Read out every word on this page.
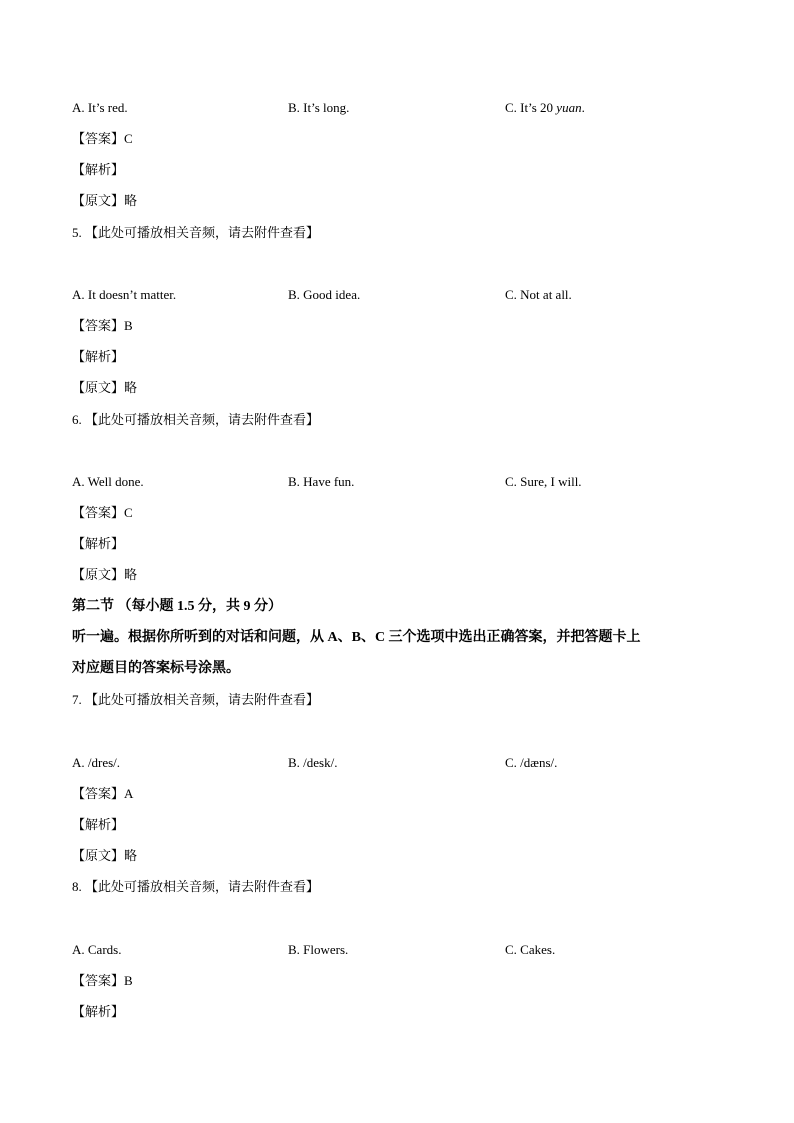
A. It’s red.	B. It’s long.	C. It’s 20 yuan.
【答案】C
【解析】
【原文】略
5. 【此处可播放相关音频，请去附件查看】
A. It doesn’t matter.	B. Good idea.	C. Not at all.
【答案】B
【解析】
【原文】略
6. 【此处可播放相关音频，请去附件查看】
A. Well done.	B. Have fun.	C. Sure, I will.
【答案】C
【解析】
【原文】略
第二节 （每小题 1.5 分，共 9 分）
听一遍。根据你所听到的对话和问题，从 A、B、C 三个选项中选出正确答案，并把答题卡上
对应题目的答案标号涂黑。
7. 【此处可播放相关音频，请去附件查看】
A. /dres/.	B. /desk/.	C. /dæns/.
【答案】A
【解析】
【原文】略
8. 【此处可播放相关音频，请去附件查看】
A. Cards.	B. Flowers.	C. Cakes.
【答案】B
【解析】
